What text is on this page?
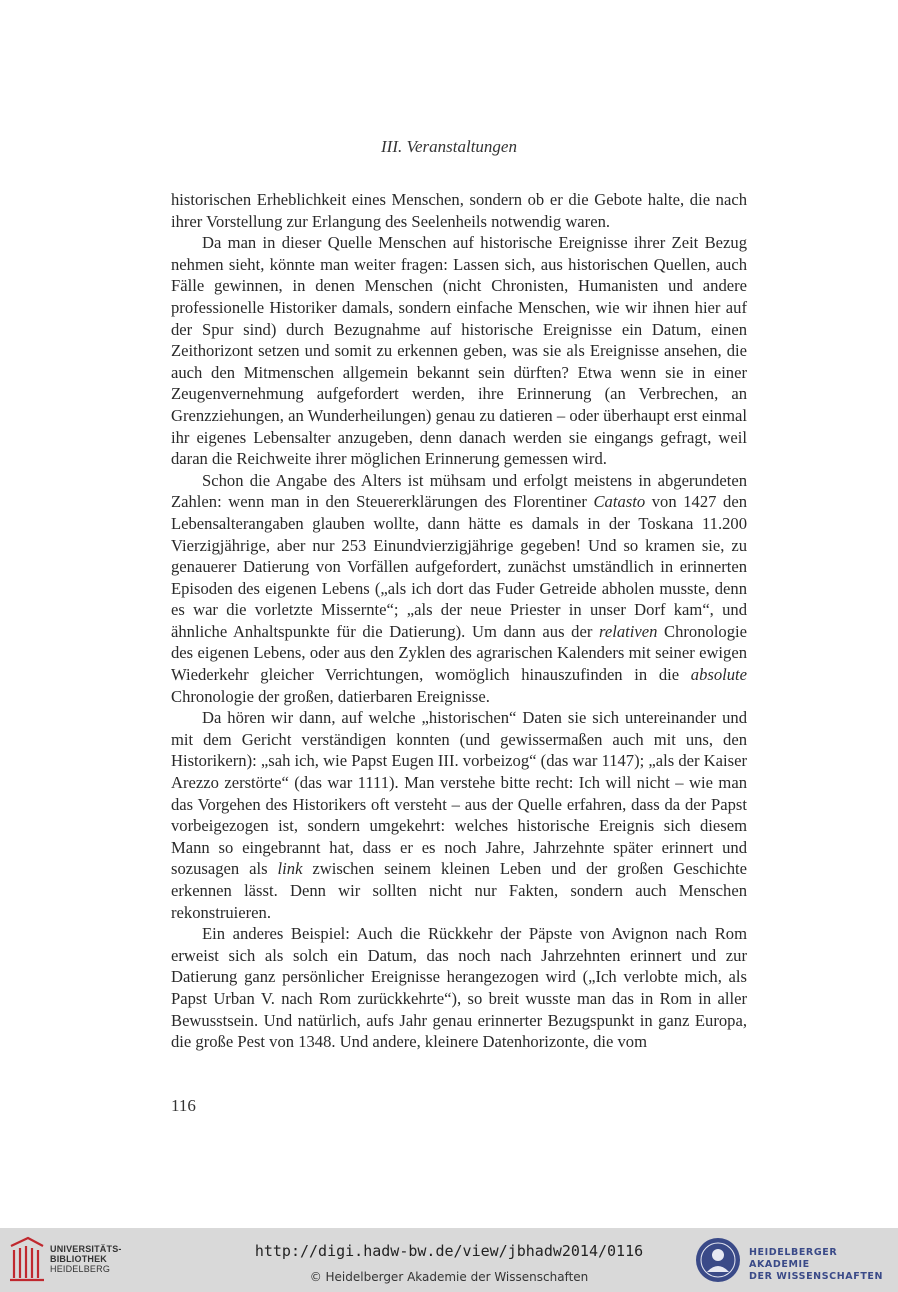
III. Veranstaltungen

historischen Erheblichkeit eines Menschen, sondern ob er die Gebote halte, die nach ihrer Vorstellung zur Erlangung des Seelenheils notwendig waren.

Da man in dieser Quelle Menschen auf historische Ereignisse ihrer Zeit Bezug nehmen sieht, könnte man weiter fragen: Lassen sich, aus historischen Quellen, auch Fälle gewinnen, in denen Menschen (nicht Chronisten, Humanisten und andere professionelle Historiker damals, sondern einfache Menschen, wie wir ihnen hier auf der Spur sind) durch Bezugnahme auf historische Ereignisse ein Datum, einen Zeithorizont setzen und somit zu erkennen geben, was sie als Ereignisse ansehen, die auch den Mitmenschen allgemein bekannt sein dürften? Etwa wenn sie in einer Zeugenvernehmung aufgefordert werden, ihre Erinnerung (an Verbrechen, an Grenzziehungen, an Wunderheilungen) genau zu datieren – oder überhaupt erst einmal ihr eigenes Lebensalter anzugeben, denn danach werden sie eingangs gefragt, weil daran die Reichweite ihrer möglichen Erinnerung gemessen wird.

Schon die Angabe des Alters ist mühsam und erfolgt meistens in abgerundeten Zahlen: wenn man in den Steuererklärungen des Florentiner Catasto von 1427 den Lebensalterangaben glauben wollte, dann hätte es damals in der Toskana 11.200 Vierzigjährige, aber nur 253 Einundvierzigjährige gegeben! Und so kramen sie, zu genauerer Datierung von Vorfällen aufgefordert, zunächst umständlich in erinnerten Episoden des eigenen Lebens („als ich dort das Fuder Getreide abholen musste, denn es war die vorletzte Missernte“; „als der neue Priester in unser Dorf kam“, und ähnliche Anhaltspunkte für die Datierung). Um dann aus der relativen Chronologie des eigenen Lebens, oder aus den Zyklen des agrarischen Kalenders mit seiner ewigen Wiederkehr gleicher Verrichtungen, womöglich hinauszufinden in die absolute Chronologie der großen, datierbaren Ereignisse.

Da hören wir dann, auf welche „historischen“ Daten sie sich untereinander und mit dem Gericht verständigen konnten (und gewissermaßen auch mit uns, den Historikern): „sah ich, wie Papst Eugen III. vorbeizog“ (das war 1147); „als der Kaiser Arezzo zerstörte“ (das war 1111). Man verstehe bitte recht: Ich will nicht – wie man das Vorgehen des Historikers oft versteht – aus der Quelle erfahren, dass da der Papst vorbeigezogen ist, sondern umgekehrt: welches historische Ereignis sich diesem Mann so eingebrannt hat, dass er es noch Jahre, Jahrzehnte später erinnert und sozusagen als link zwischen seinem kleinen Leben und der großen Geschichte erkennen lässt. Denn wir sollten nicht nur Fakten, sondern auch Menschen rekonstruieren.

Ein anderes Beispiel: Auch die Rückkehr der Päpste von Avignon nach Rom erweist sich als solch ein Datum, das noch nach Jahrzehnten erinnert und zur Datierung ganz persönlicher Ereignisse herangezogen wird („Ich verlobte mich, als Papst Urban V. nach Rom zurückkehrte“), so breit wusste man das in Rom in aller Bewusstsein. Und natürlich, aufs Jahr genau erinnerter Bezugspunkt in ganz Europa, die große Pest von 1348. Und andere, kleinere Datenhorizonte, die vom

116
UNIVERSITÄTS-
BIBLIOTHEK
HEIDELBERG
http://digi.hadw-bw.de/view/jbhadw2014/0116
© Heidelberger Akademie der Wissenschaften
HEIDELBERGER AKADEMIE
DER WISSENSCHAFTEN
